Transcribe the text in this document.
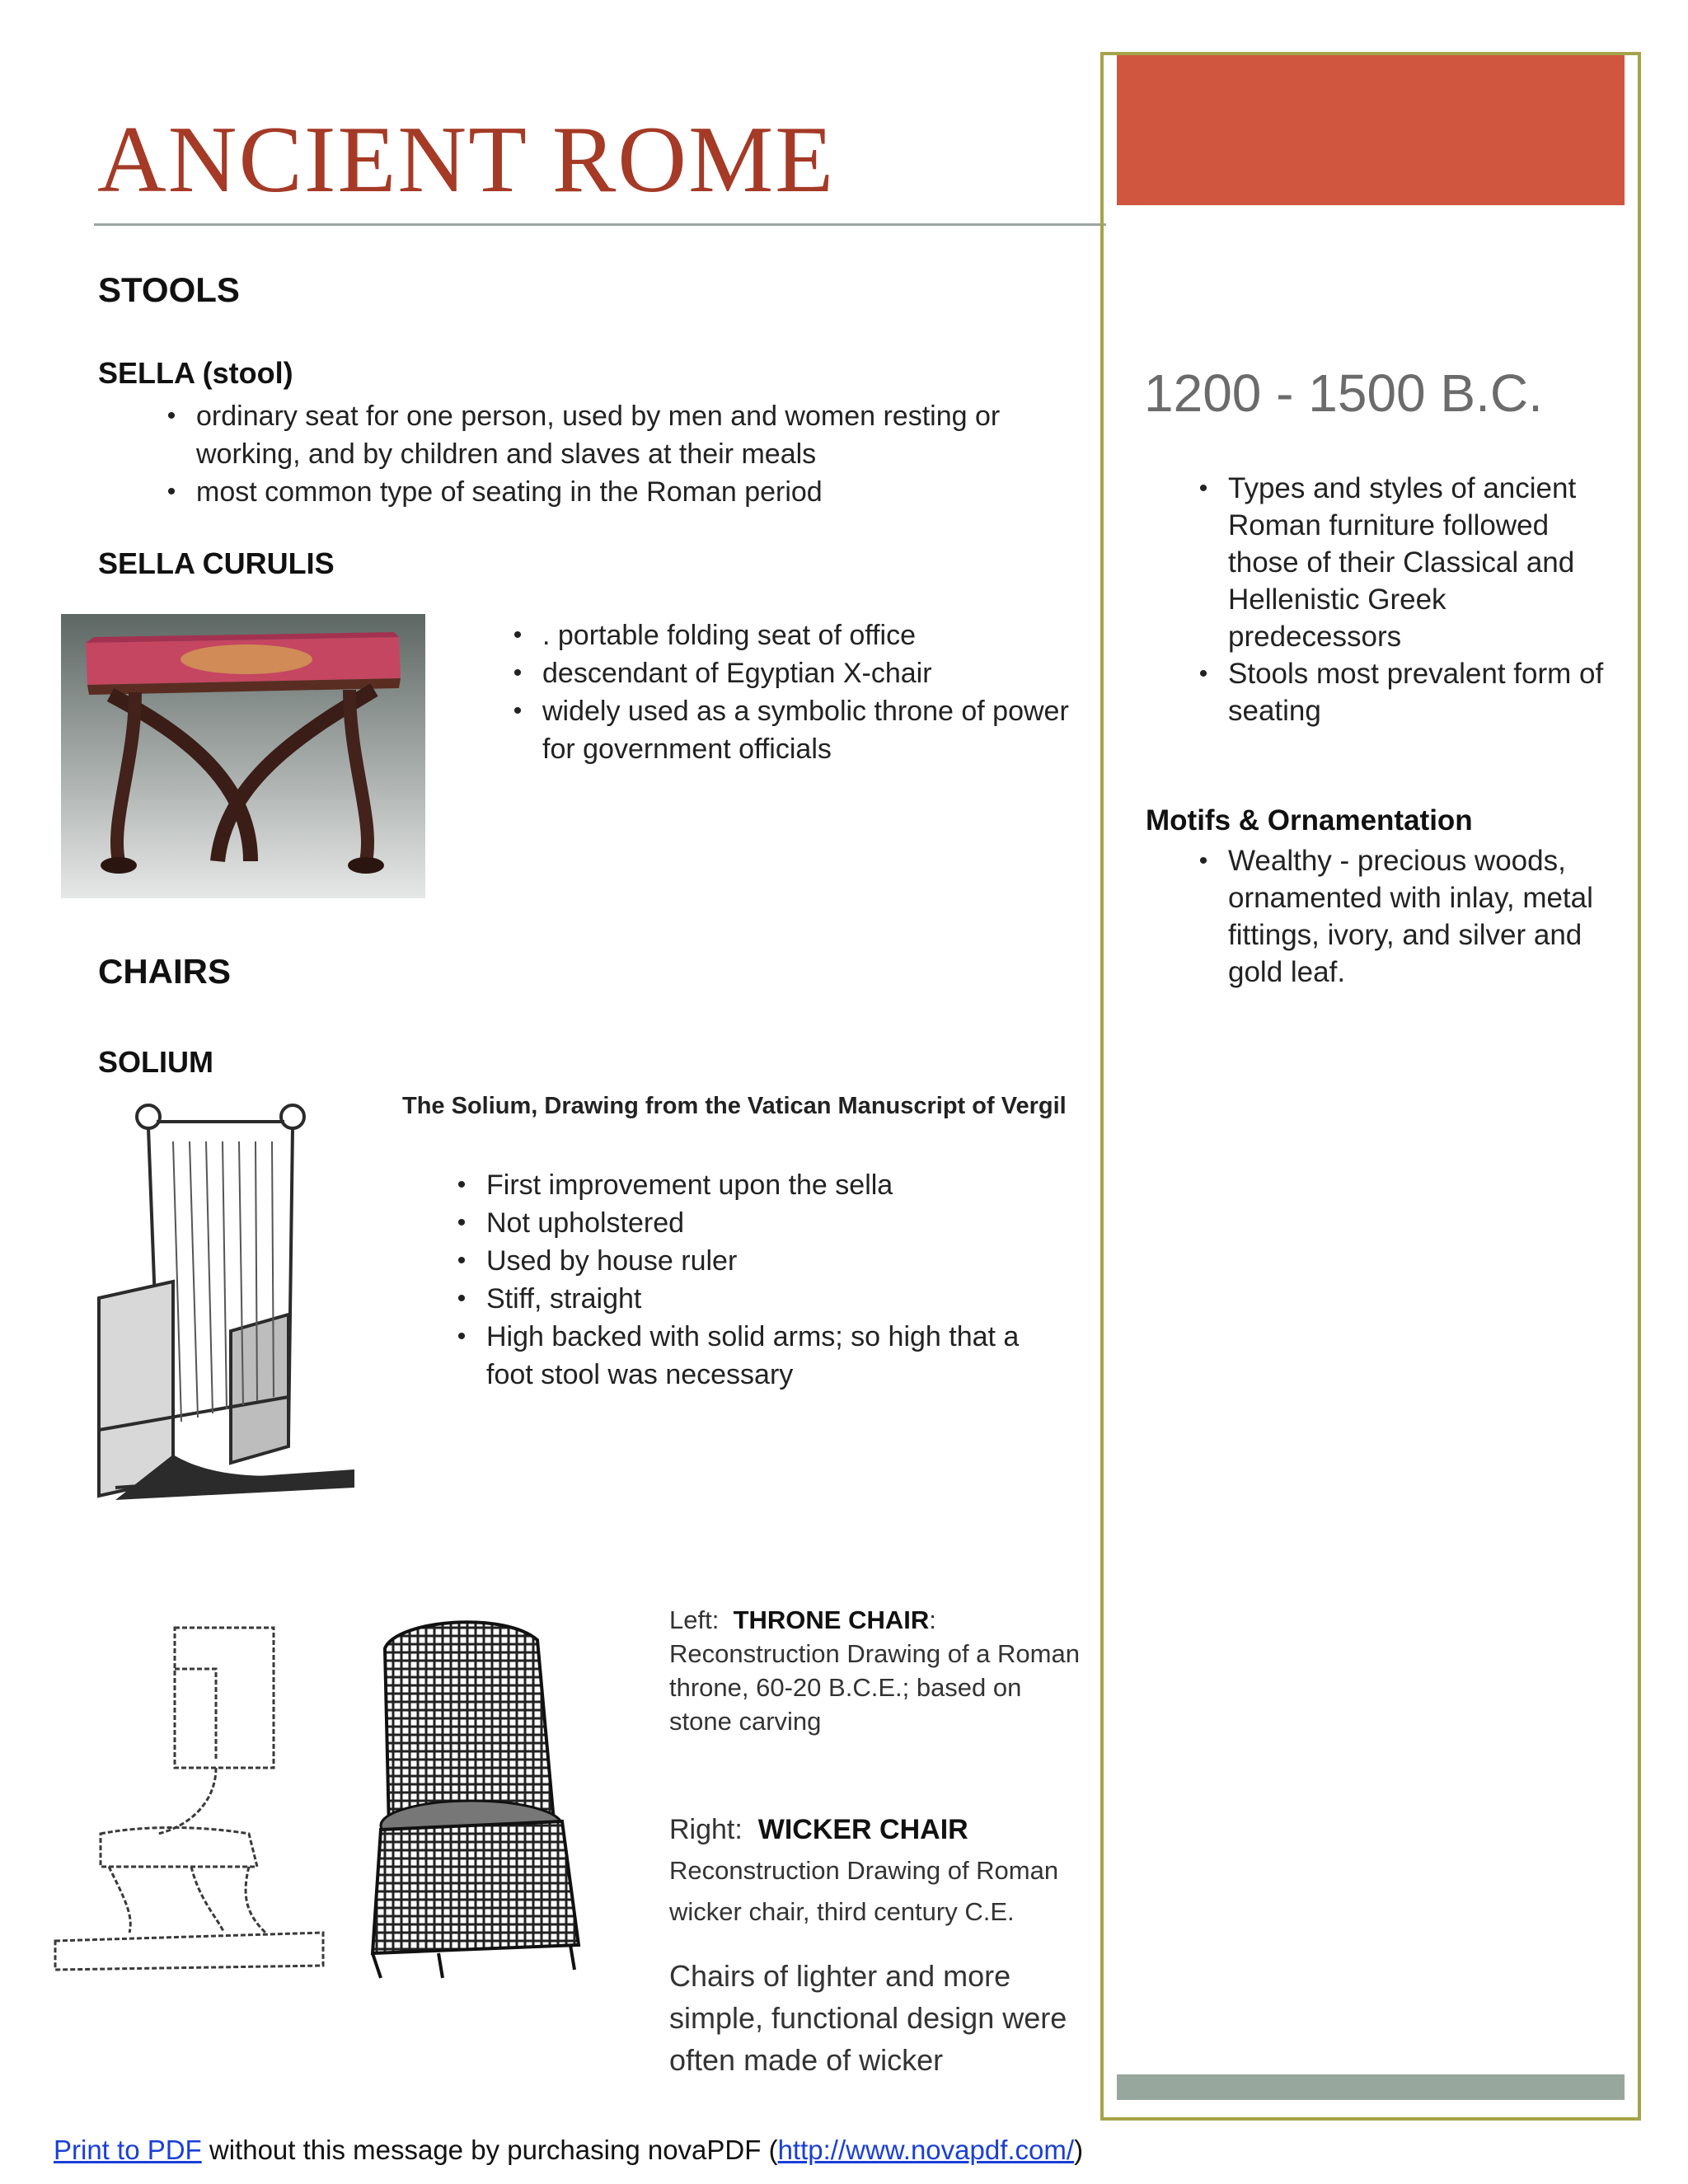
ANCIENT ROME
STOOLS
SELLA (stool)
• ordinary seat for one person, used by men and women resting or working, and by children and slaves at their meals
• most common type of seating in the Roman period
SELLA CURULIS
• . portable folding seat of office
• descendant of Egyptian X-chair
• widely used as a symbolic throne of power for government officials
CHAIRS
SOLIUM
The Solium, Drawing from the Vatican Manuscript of Vergil
• First improvement upon the sella
• Not upholstered
• Used by house ruler
• Stiff, straight
• High backed with solid arms; so high that a foot stool was necessary
Left: THRONE CHAIR:
Reconstruction Drawing of a Roman throne, 60-20 B.C.E.; based on stone carving
Right: WICKER CHAIR
Reconstruction Drawing of Roman wicker chair, third century C.E.
Chairs of lighter and more simple, functional design were often made of wicker
1200 - 1500 B.C.
• Types and styles of ancient Roman furniture followed those of their Classical and Hellenistic Greek predecessors
• Stools most prevalent form of seating
Motifs & Ornamentation
• Wealthy - precious woods, ornamented with inlay, metal fittings, ivory, and silver and gold leaf.
Print to PDF without this message by purchasing novaPDF (http://www.novapdf.com/)
